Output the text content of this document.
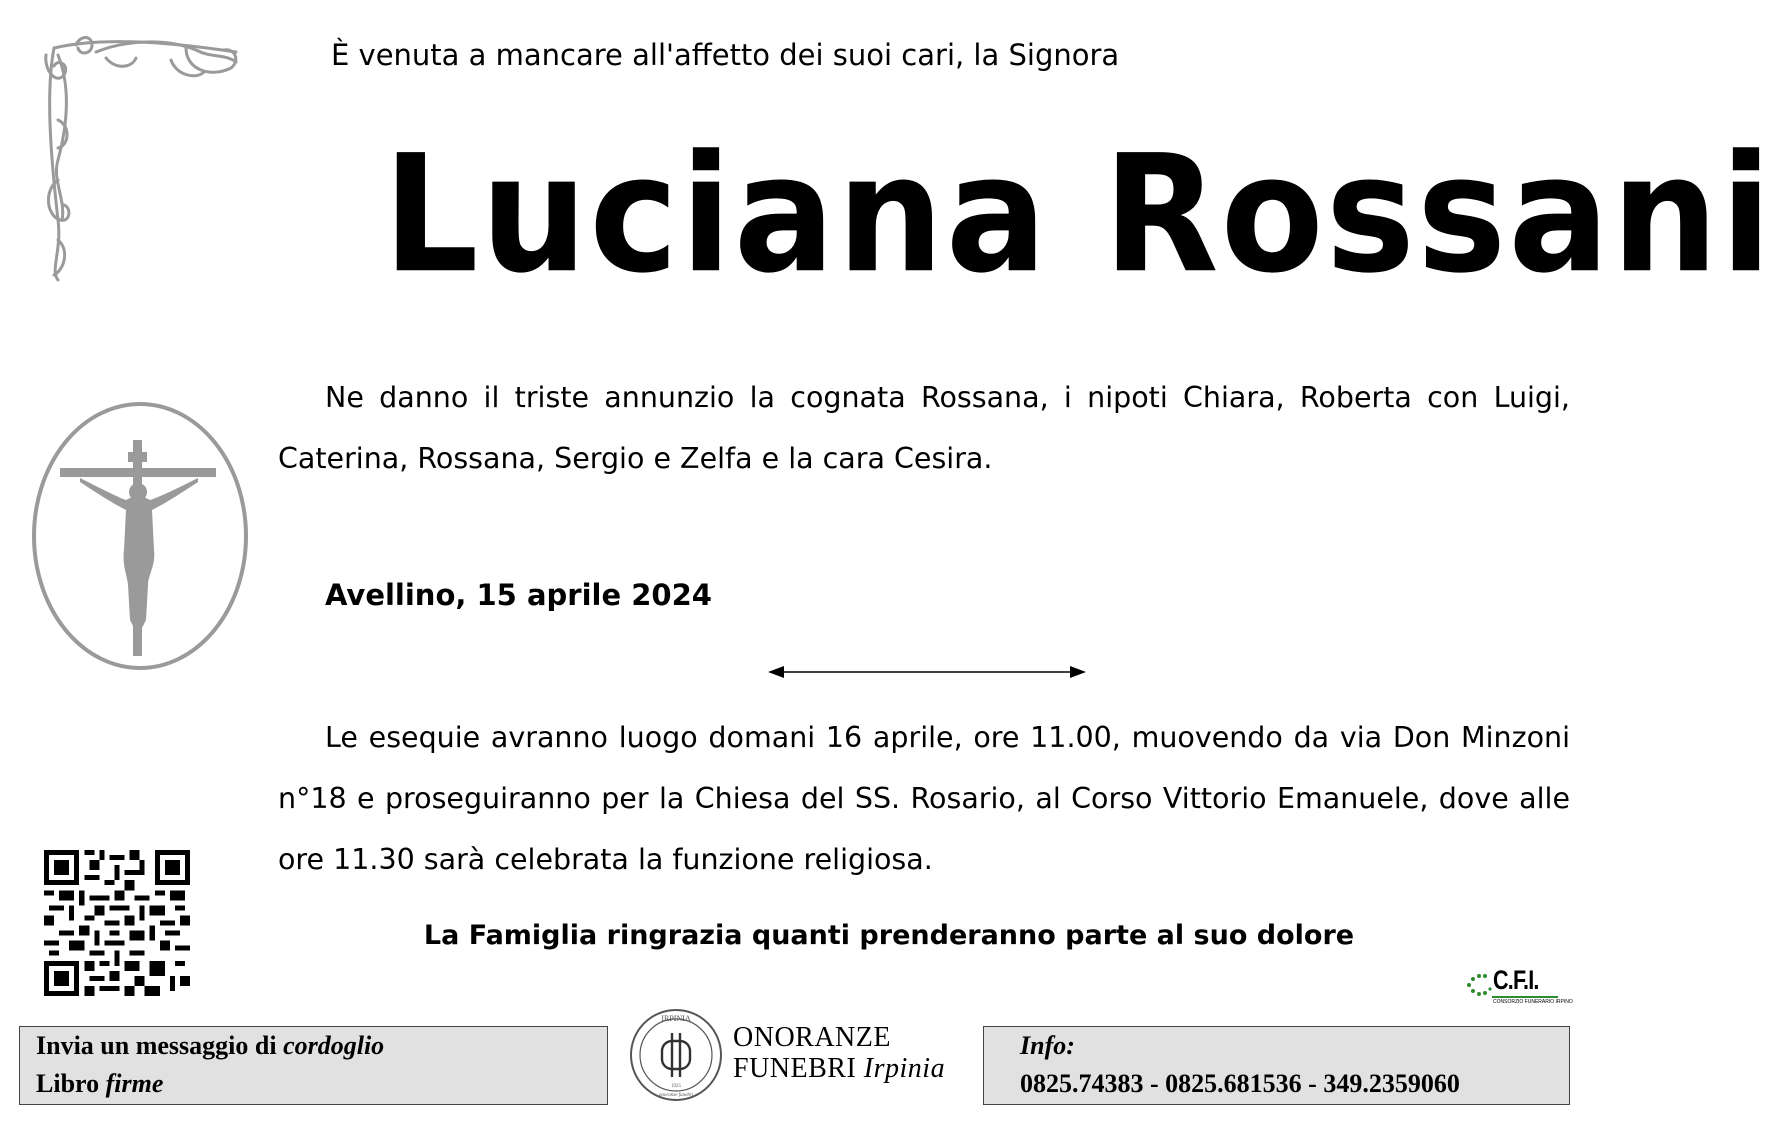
È venuta a mancare all'affetto dei suoi cari, la Signora
Luciana Rossani
Ne danno il triste annunzio la cognata Rossana, i nipoti Chiara, Roberta con Luigi, Caterina, Rossana, Sergio e Zelfa e la cara Cesira.
Avellino, 15 aprile 2024
Le esequie avranno luogo domani 16 aprile, ore 11.00, muovendo da via Don Minzoni n°18 e proseguiranno per la Chiesa del SS. Rosario, al Corso Vittorio Emanuele, dove alle ore 11.30 sarà celebrata la funzione religiosa.
La Famiglia ringrazia quanti prenderanno parte al suo dolore
C.F.I.
CONSORZIO FUNERARIO IRPINO
Invia un messaggio di cordoglio
Libro firme
IRPINIA
1925
onoranze funebri
ONORANZE
FUNEBRI Irpinia
Info:
0825.74383 - 0825.681536 - 349.2359060
